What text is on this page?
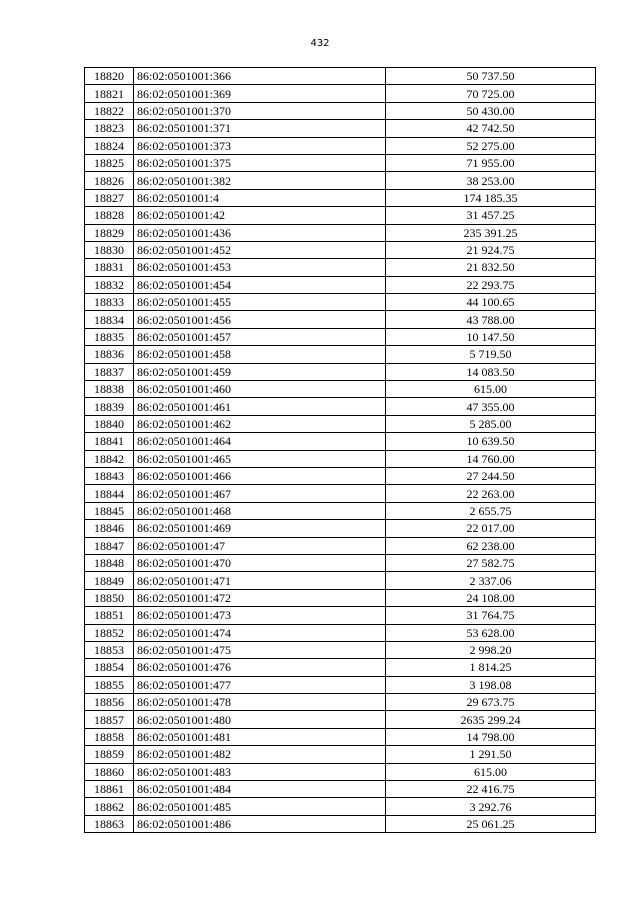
432
18820	86:02:0501001:366	50 737.50
18821	86:02:0501001:369	70 725.00
18822	86:02:0501001:370	50 430.00
18823	86:02:0501001:371	42 742.50
18824	86:02:0501001:373	52 275.00
18825	86:02:0501001:375	71 955.00
18826	86:02:0501001:382	38 253.00
18827	86:02:0501001:4	174 185.35
18828	86:02:0501001:42	31 457.25
18829	86:02:0501001:436	235 391.25
18830	86:02:0501001:452	21 924.75
18831	86:02:0501001:453	21 832.50
18832	86:02:0501001:454	22 293.75
18833	86:02:0501001:455	44 100.65
18834	86:02:0501001:456	43 788.00
18835	86:02:0501001:457	10 147.50
18836	86:02:0501001:458	5 719.50
18837	86:02:0501001:459	14 083.50
18838	86:02:0501001:460	615.00
18839	86:02:0501001:461	47 355.00
18840	86:02:0501001:462	5 285.00
18841	86:02:0501001:464	10 639.50
18842	86:02:0501001:465	14 760.00
18843	86:02:0501001:466	27 244.50
18844	86:02:0501001:467	22 263.00
18845	86:02:0501001:468	2 655.75
18846	86:02:0501001:469	22 017.00
18847	86:02:0501001:47	62 238.00
18848	86:02:0501001:470	27 582.75
18849	86:02:0501001:471	2 337.06
18850	86:02:0501001:472	24 108.00
18851	86:02:0501001:473	31 764.75
18852	86:02:0501001:474	53 628.00
18853	86:02:0501001:475	2 998.20
18854	86:02:0501001:476	1 814.25
18855	86:02:0501001:477	3 198.08
18856	86:02:0501001:478	29 673.75
18857	86:02:0501001:480	2635 299.24
18858	86:02:0501001:481	14 798.00
18859	86:02:0501001:482	1 291.50
18860	86:02:0501001:483	615.00
18861	86:02:0501001:484	22 416.75
18862	86:02:0501001:485	3 292.76
18863	86:02:0501001:486	25 061.25
